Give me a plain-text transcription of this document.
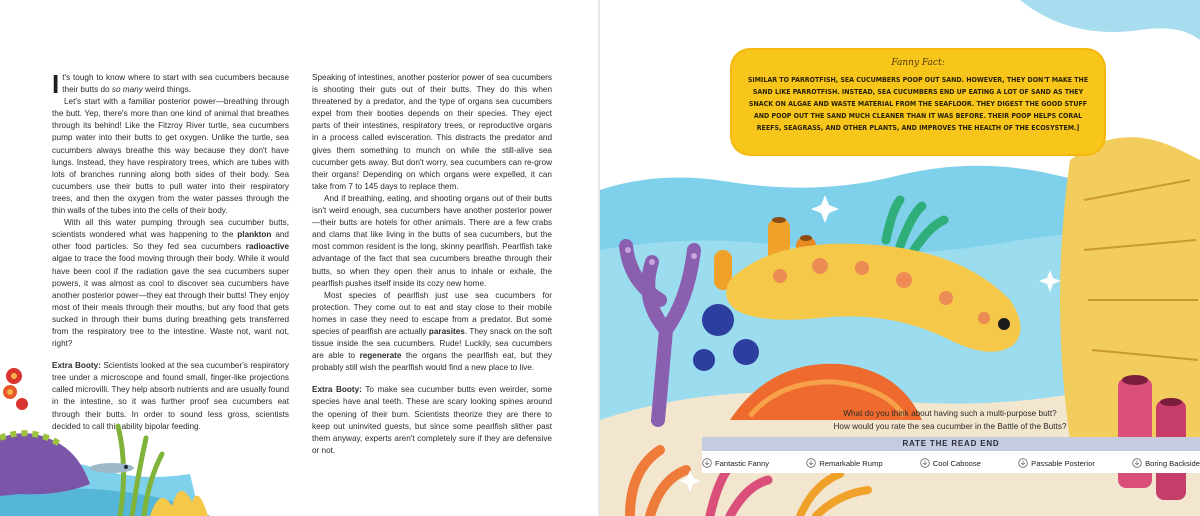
It's tough to know where to start with sea cucumbers because their butts do so many weird things.

Let's start with a familiar posterior power—breathing through the butt. Yep, there's more than one kind of animal that breathes through its behind! Like the Fitzroy River turtle, sea cucumbers pump water into their butts to get oxygen. Unlike the turtle, sea cucumbers always breathe this way because they don't have lungs. Instead, they have respiratory trees, which are tubes with lots of branches running along both sides of their body. Sea cucumbers use their butts to pull water into their respiratory trees, and then the oxygen from the water passes through the thin walls of the tubes into the cells of their body.

With all this water pumping through sea cucumber butts, scientists wondered what was happening to the plankton and other food particles. So they fed sea cucumbers radioactive algae to trace the food moving through their body. While it would have been cool if the radiation gave the sea cucumbers super powers, it was almost as cool to discover sea cucumbers have another posterior power—they eat through their butts! They enjoy most of their meals through their mouths, but any food that gets sucked in through their bums during breathing gets transferred from the respiratory tree to the intestine. Waste not, want not, right?

Extra Booty: Scientists looked at the sea cucumber's respiratory tree under a microscope and found small, finger-like projections called microvilli. They help absorb nutrients and are usually found in the intestine, so it was further proof sea cucumbers eat through their butts. In order to sound less gross, scientists decided to call this ability bipolar feeding.

Speaking of intestines, another posterior power of sea cucumbers is shooting their guts out of their butts. They do this when threatened by a predator, and the type of organs sea cucumbers expel from their booties depends on their species. They eject parts of their intestines, respiratory trees, or reproductive organs in a process called evisceration. This distracts the predator and gives them something to munch on while the still-alive sea cucumber gets away. But don't worry, sea cucumbers can re-grow their organs! Depending on which organs were expelled, it can take from 7 to 145 days to replace them.

And if breathing, eating, and shooting organs out of their butts isn't weird enough, sea cucumbers have another posterior power—their butts are hotels for other animals. There are a few crabs and clams that like living in the butts of sea cucumbers, but the most common resident is the long, skinny pearlfish. Pearlfish take advantage of the fact that sea cucumbers breathe through their butts, so when they open their anus to inhale or exhale, the pearlfish pushes itself inside its cozy new home.

Most species of pearlfish just use sea cucumbers for protection. They come out to eat and stay close to their mobile homes in case they need to escape from a predator. But some species of pearlfish are actually parasites. They snack on the soft tissue inside the sea cucumbers. Rude! Luckily, sea cucumbers are able to regenerate the organs the pearlfish eat, but they probably still wish the pearlfish would find a new place to live.

Extra Booty: To make sea cucumber butts even weirder, some species have anal teeth. These are scary looking spines around the opening of their bum. Scientists theorize they are there to keep out uninvited guests, but since some pearlfish slither past them anyway, experts aren't completely sure if they are defensive or not.

Fanny Fact:
SIMILAR TO PARROTFISH, SEA CUCUMBERS POOP OUT SAND. HOWEVER, THEY DON'T MAKE THE SAND LIKE PARROTFISH. INSTEAD, SEA CUCUMBERS END UP EATING A LOT OF SAND AS THEY SNACK ON ALGAE AND WASTE MATERIAL FROM THE SEAFLOOR. THEY DIGEST THE GOOD STUFF AND POOP OUT THE SAND MUCH CLEANER THAN IT WAS BEFORE. THEIR POOP HELPS CORAL REEFS, SEAGRASS, AND OTHER PLANTS, AND IMPROVES THE HEALTH OF THE ECOSYSTEM.]
What do you think about having such a multi-purpose butt?
How would you rate the sea cucumber in the Battle of the Butts?
RATE THE READ END
Fantastic Fanny	Remarkable Rump	Cool Caboose	Passable Posterior	Boring Backside
